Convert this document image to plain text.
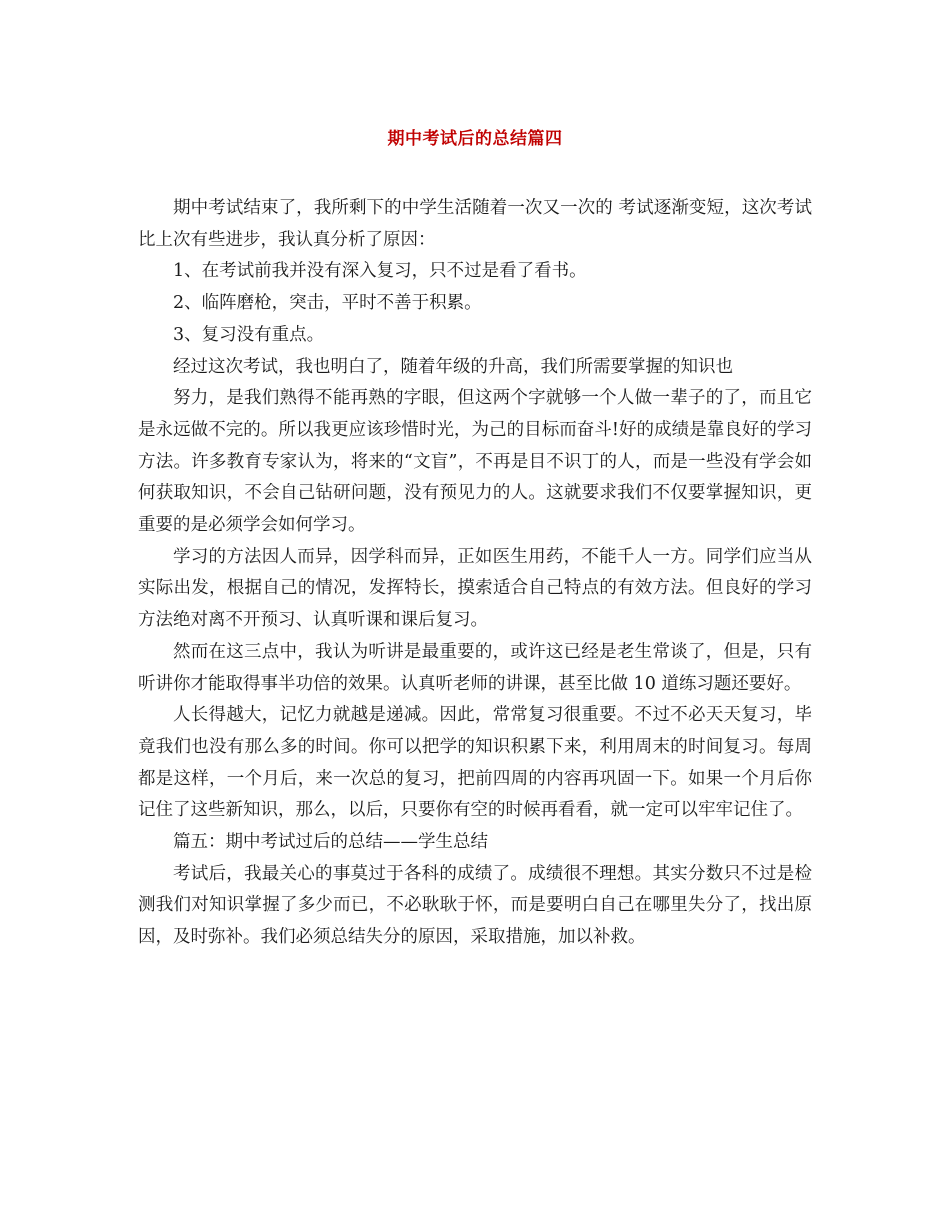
期中考试后的总结篇四

期中考试结束了，我所剩下的中学生活随着一次又一次的 考试逐渐变短，这次考试比上次有些进步，我认真分析了原因：

1、在考试前我并没有深入复习，只不过是看了看书。

2、临阵磨枪，突击，平时不善于积累。

3、复习没有重点。

经过这次考试，我也明白了，随着年级的升高，我们所需要掌握的知识也

努力，是我们熟得不能再熟的字眼，但这两个字就够一个人做一辈子的了，而且它是永远做不完的。所以我更应该珍惜时光，为己的目标而奋斗!好的成绩是靠良好的学习方法。许多教育专家认为，将来的“文盲”，不再是目不识丁的人，而是一些没有学会如何获取知识，不会自己钻研问题，没有预见力的人。这就要求我们不仅要掌握知识，更重要的是必须学会如何学习。

学习的方法因人而异，因学科而异，正如医生用药，不能千人一方。同学们应当从实际出发，根据自己的情况，发挥特长，摸索适合自己特点的有效方法。但良好的学习方法绝对离不开预习、认真听课和课后复习。

然而在这三点中，我认为听讲是最重要的，或许这已经是老生常谈了，但是，只有听讲你才能取得事半功倍的效果。认真听老师的讲课，甚至比做 10 道练习题还要好。

人长得越大，记忆力就越是递减。因此，常常复习很重要。不过不必天天复习，毕竟我们也没有那么多的时间。你可以把学的知识积累下来，利用周末的时间复习。每周都是这样，一个月后，来一次总的复习，把前四周的内容再巩固一下。如果一个月后你记住了这些新知识，那么，以后，只要你有空的时候再看看，就一定可以牢牢记住了。

篇五：期中考试过后的总结——学生总结

考试后，我最关心的事莫过于各科的成绩了。成绩很不理想。其实分数只不过是检测我们对知识掌握了多少而已，不必耿耿于怀，而是要明白自己在哪里失分了，找出原因，及时弥补。我们必须总结失分的原因，采取措施，加以补救。
